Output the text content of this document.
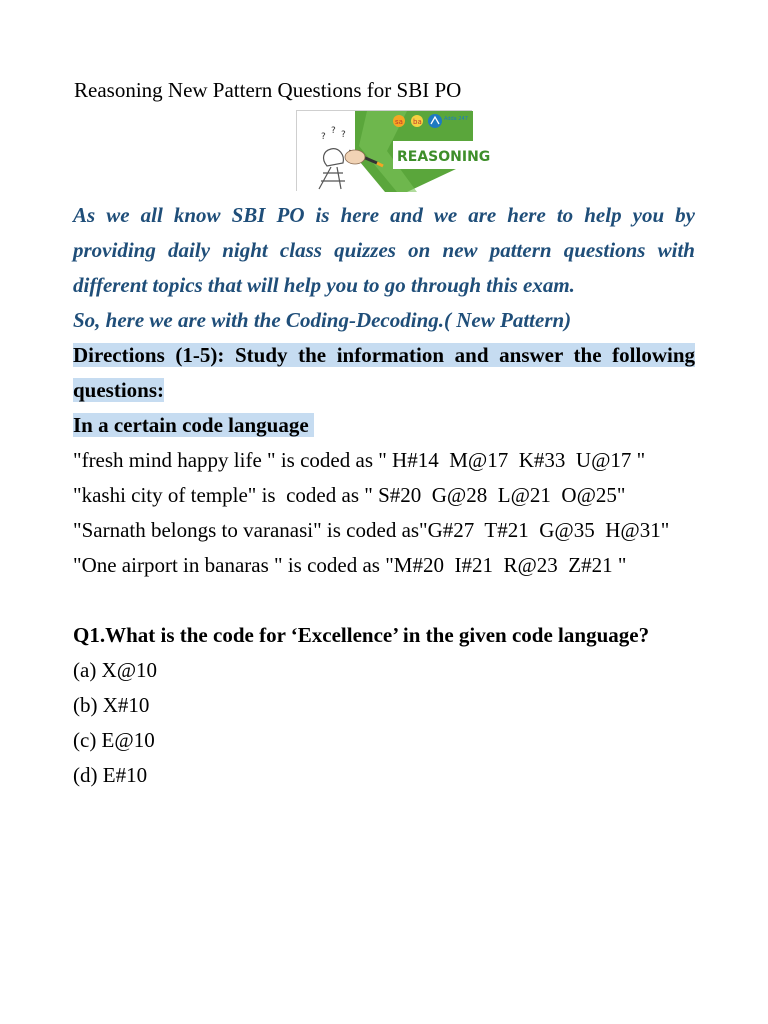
Reasoning New Pattern Questions for SBI PO
?
? ?
sa ba	Adda 247
REASONING
As we all know SBI PO is here and we are here to help you by providing daily night class quizzes on new pattern questions with different topics that will help you to go through this exam.
So, here we are with the Coding-Decoding.( New Pattern)
Directions (1-5): Study the information and answer the following questions:
In a certain code language
"fresh mind happy life " is coded as " H#14  M@17  K#33  U@17 "
"kashi city of temple" is  coded as " S#20  G@28  L@21  O@25"
"Sarnath belongs to varanasi" is coded as"G#27  T#21  G@35  H@31"
"One airport in banaras " is coded as "M#20  I#21  R@23  Z#21 "
Q1.What is the code for ‘Excellence’ in the given code language?
(a) X@10
(b) X#10
(c) E@10
(d) E#10
